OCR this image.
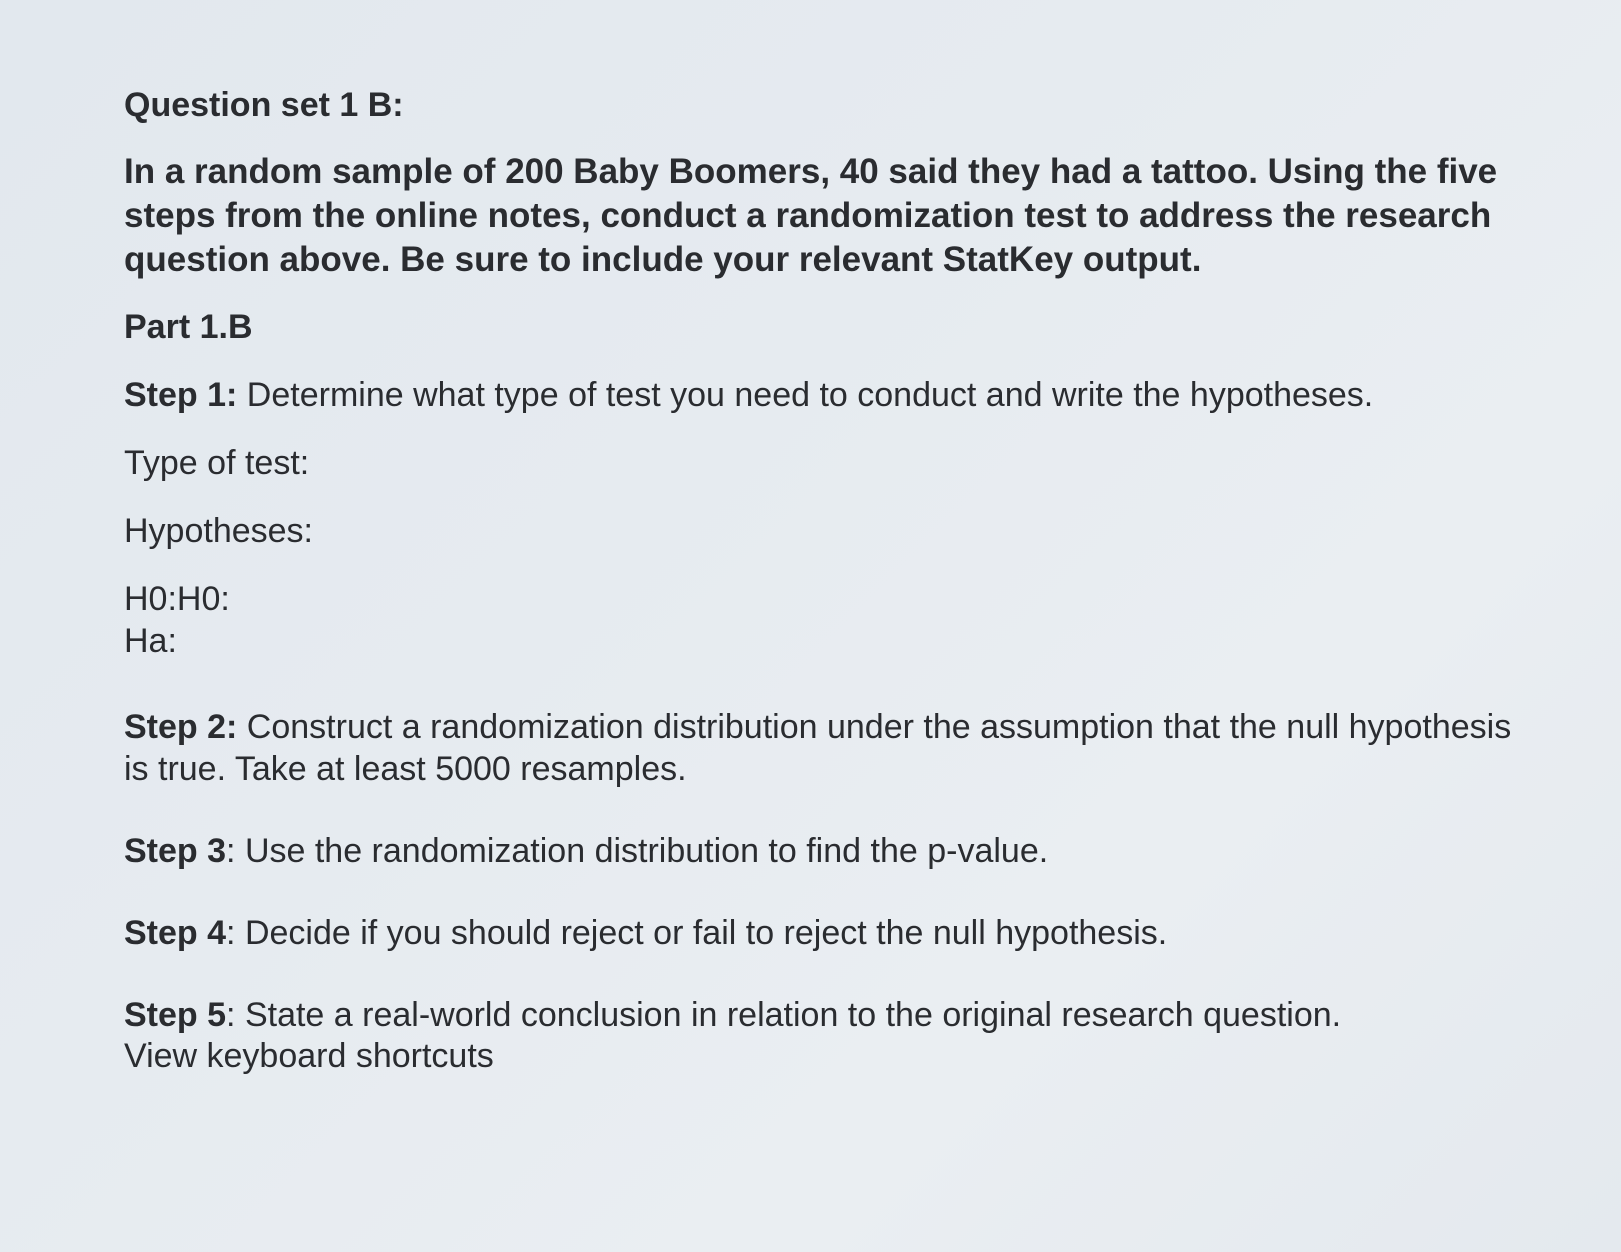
Question set 1 B:
In a random sample of 200 Baby Boomers, 40 said they had a tattoo. Using the five steps from the online notes, conduct a randomization test to address the research question above. Be sure to include your relevant StatKey output.
Part 1.B
Step 1: Determine what type of test you need to conduct and write the hypotheses.
Type of test:
Hypotheses:
H0:H0:
Ha:
Step 2: Construct a randomization distribution under the assumption that the null hypothesis is true. Take at least 5000 resamples.
Step 3: Use the randomization distribution to find the p-value.
Step 4: Decide if you should reject or fail to reject the null hypothesis.
Step 5: State a real-world conclusion in relation to the original research question.
View keyboard shortcuts
